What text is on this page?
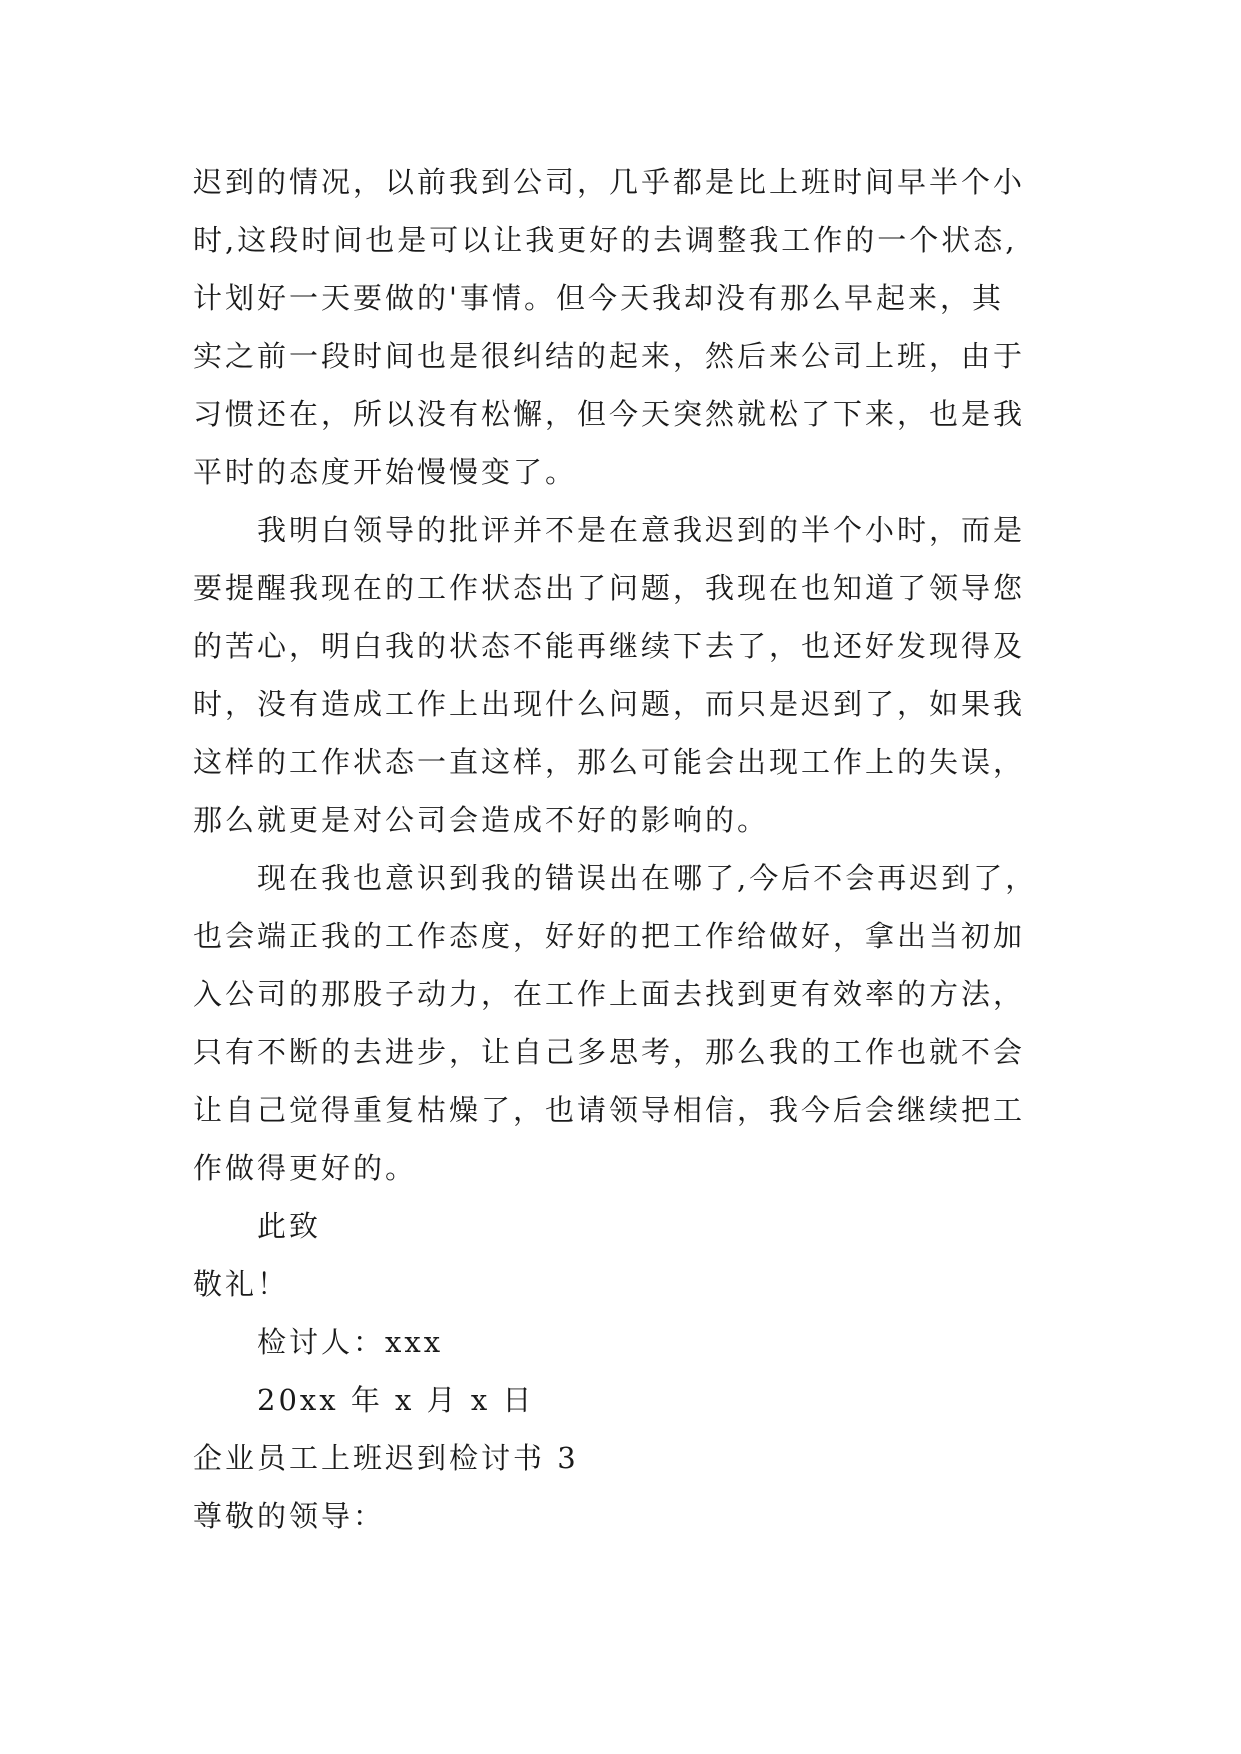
迟到的情况，以前我到公司，几乎都是比上班时间早半个小
时,这段时间也是可以让我更好的去调整我工作的一个状态,
计划好一天要做的'事情。但今天我却没有那么早起来，其
实之前一段时间也是很纠结的起来，然后来公司上班，由于
习惯还在，所以没有松懈，但今天突然就松了下来，也是我
平时的态度开始慢慢变了。
我明白领导的批评并不是在意我迟到的半个小时，而是
要提醒我现在的工作状态出了问题，我现在也知道了领导您
的苦心，明白我的状态不能再继续下去了，也还好发现得及
时，没有造成工作上出现什么问题，而只是迟到了，如果我
这样的工作状态一直这样，那么可能会出现工作上的失误，
那么就更是对公司会造成不好的影响的。
现在我也意识到我的错误出在哪了,今后不会再迟到了，
也会端正我的工作态度，好好的把工作给做好，拿出当初加
入公司的那股子动力，在工作上面去找到更有效率的方法，
只有不断的去进步，让自己多思考，那么我的工作也就不会
让自己觉得重复枯燥了，也请领导相信，我今后会继续把工
作做得更好的。
此致
敬礼！
检讨人：xxx
20xx 年 x 月 x 日
企业员工上班迟到检讨书 3
尊敬的领导：
